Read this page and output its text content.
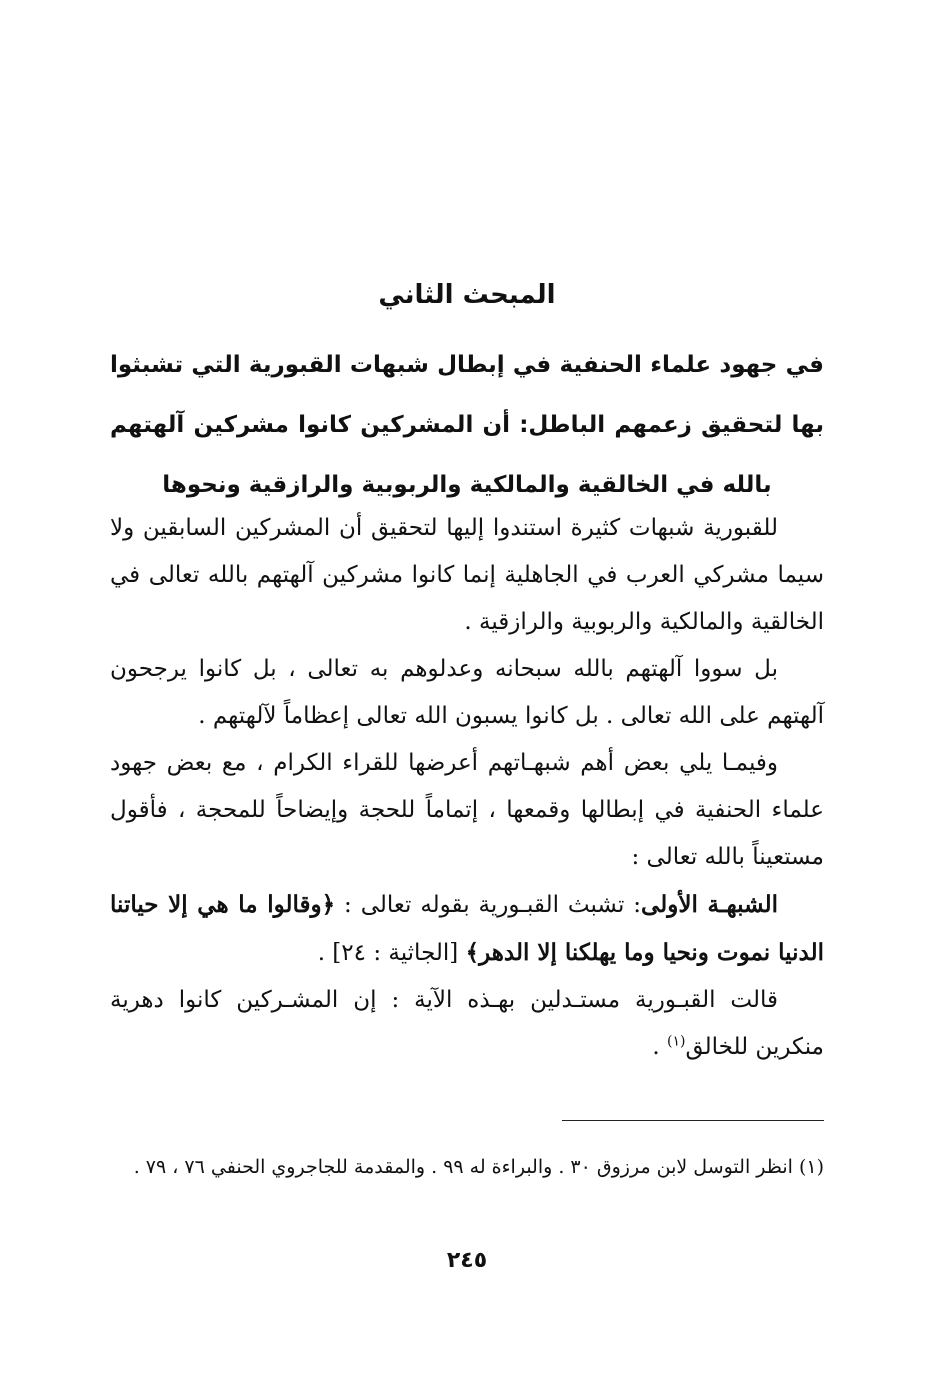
المبحث الثاني
في جهود علماء الحنفية في إبطال شبهات القبورية التي تشبثوا بها لتحقيق زعمهم الباطل: أن المشركين كانوا مشركين آلهتهم بالله في الخالقية والمالكية والربوبية والرازقية ونحوها

للقبورية شبهات كثيرة استندوا إليها لتحقيق أن المشركين السابقين ولا سيما مشركي العرب في الجاهلية إنما كانوا مشركين آلهتهم بالله تعالى في الخالقية والمالكية والربوبية والرازقية .

بل سووا آلهتهم بالله سبحانه وعدلوهم به تعالى ، بل كانوا يرجحون آلهتهم على الله تعالى . بل كانوا يسبون الله تعالى إعظاماً لآلهتهم .

وفيمـا يلي بعض أهم شبهـاتهم أعرضها للقراء الكرام ، مع بعض جهود علماء الحنفية في إبطالها وقمعها ، إتماماً للحجة وإيضاحاً للمحجة ، فأقول مستعيناً بالله تعالى :

الشبهـة الأولى: تشبث القبـورية بقوله تعالى : ﴿وقالوا ما هي إلا حياتنا الدنيا نموت ونحيا وما يهلكنا إلا الدهر﴾ [الجاثية : ٢٤] .

قالت القبـورية مستـدلين بهـذه الآية : إن المشـركين كانوا دهرية منكرين للخالق$^{(١)}$ .

(١) انظر التوسل لابن مرزوق ٣٠ . والبراءة له ٩٩ . والمقدمة للجاجروي الحنفي ٧٦ ، ٧٩ .

٢٤٥
